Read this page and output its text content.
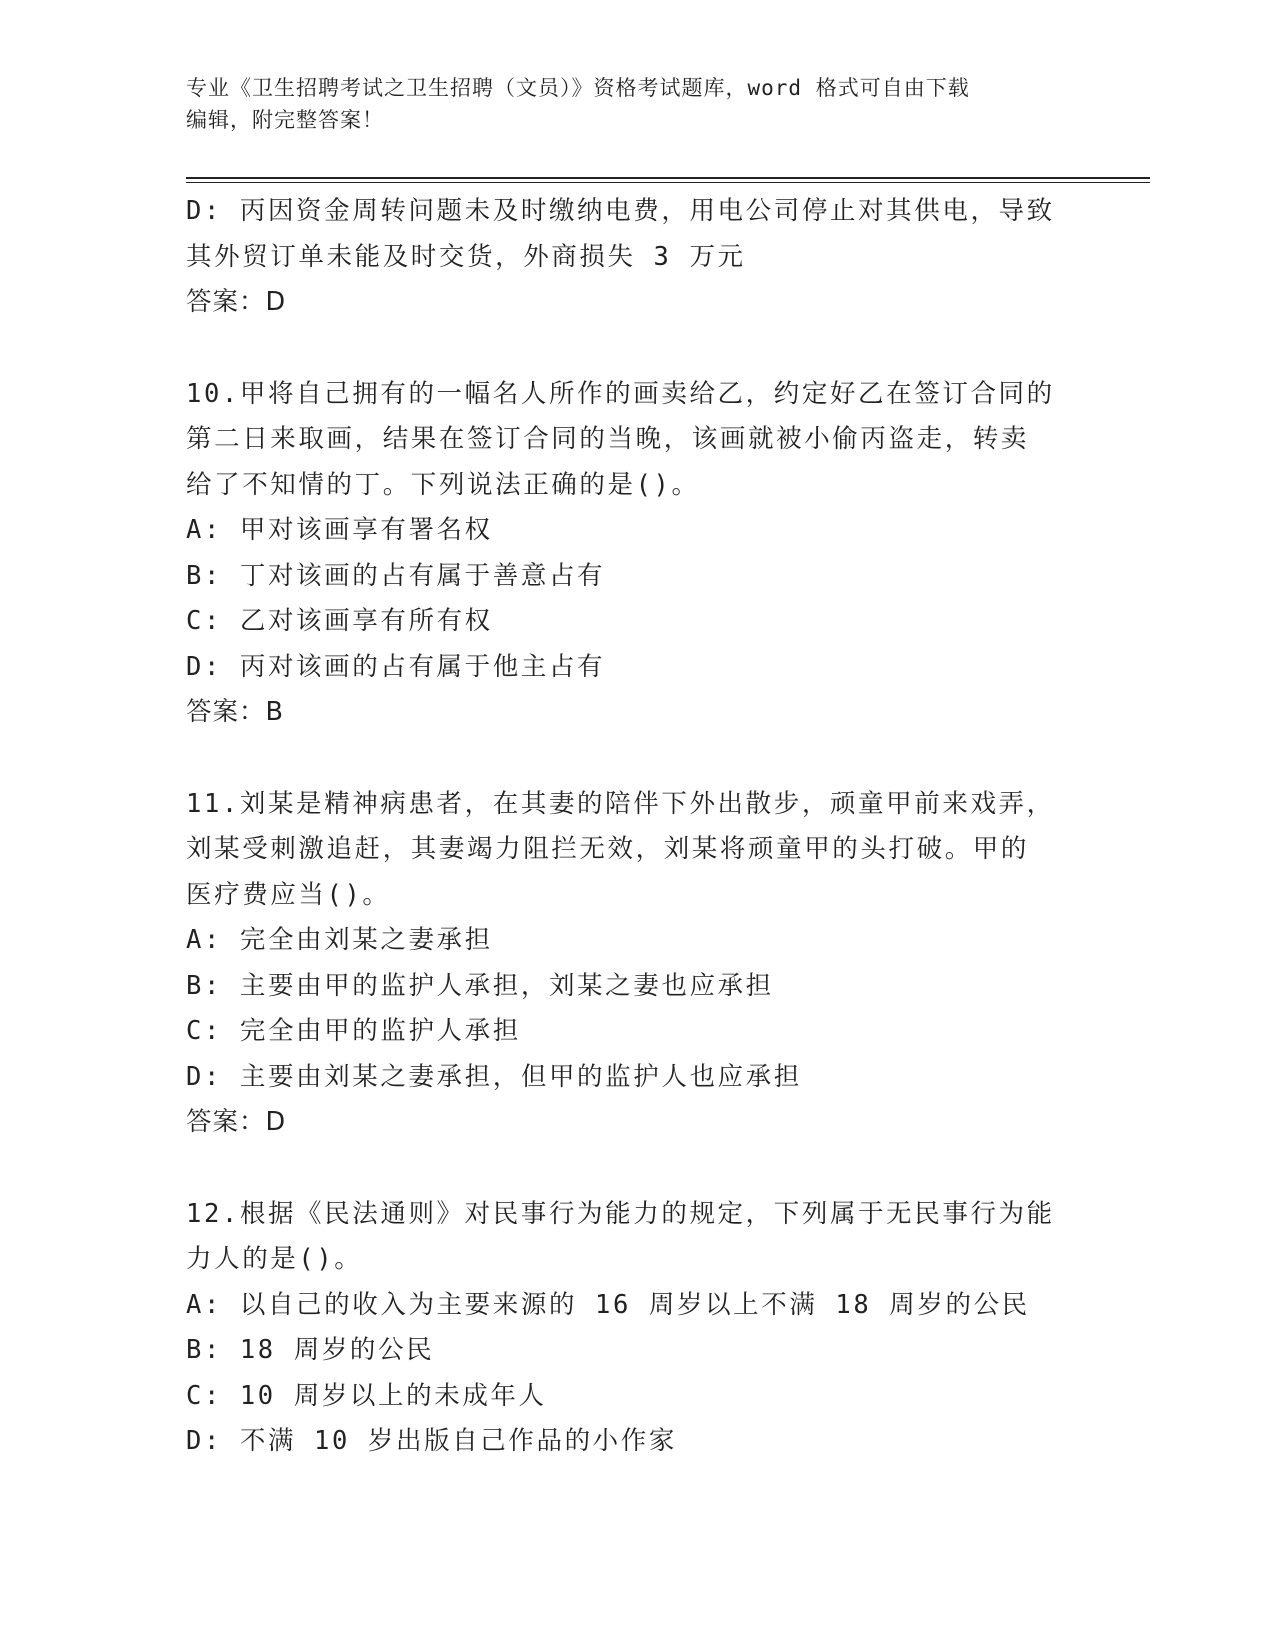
专业《卫生招聘考试之卫生招聘（文员）》资格考试题库，word 格式可自由下载
编辑，附完整答案！

D: 丙因资金周转问题未及时缴纳电费，用电公司停止对其供电，导致

其外贸订单未能及时交货，外商损失 3 万元

答案：D

10.甲将自己拥有的一幅名人所作的画卖给乙，约定好乙在签订合同的

第二日来取画，结果在签订合同的当晚，该画就被小偷丙盗走，转卖

给了不知情的丁。下列说法正确的是()。

A: 甲对该画享有署名权

B: 丁对该画的占有属于善意占有

C: 乙对该画享有所有权

D: 丙对该画的占有属于他主占有

答案：B

11.刘某是精神病患者，在其妻的陪伴下外出散步，顽童甲前来戏弄，

刘某受刺激追赶，其妻竭力阻拦无效，刘某将顽童甲的头打破。甲的

医疗费应当()。

A: 完全由刘某之妻承担

B: 主要由甲的监护人承担，刘某之妻也应承担

C: 完全由甲的监护人承担

D: 主要由刘某之妻承担，但甲的监护人也应承担

答案：D

12.根据《民法通则》对民事行为能力的规定，下列属于无民事行为能

力人的是()。

A: 以自己的收入为主要来源的 16 周岁以上不满 18 周岁的公民

B: 18 周岁的公民

C: 10 周岁以上的未成年人

D: 不满 10 岁出版自己作品的小作家
